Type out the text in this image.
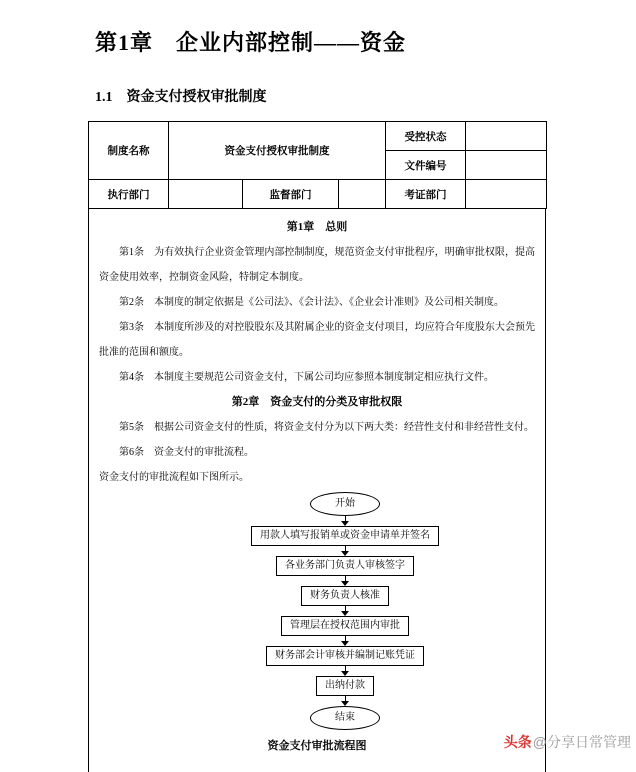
第1章　企业内部控制——资金
1.1　资金支付授权审批制度
制度名称	资金支付授权审批制度			受控状态	
				文件编号	
执行部门		监督部门		考证部门	

第1章　总则

第1条　为有效执行企业资金管理内部控制制度，规范资金支付审批程序，明确审批权限，提高资金使用效率，控制资金风险，特制定本制度。

第2条　本制度的制定依据是《公司法》、《会计法》、《企业会计准则》及公司相关制度。

第3条　本制度所涉及的对控股股东及其附属企业的资金支付项目，均应符合年度股东大会预先批准的范围和额度。

第4条　本制度主要规范公司资金支付，下属公司均应参照本制度制定相应执行文件。

第2章　资金支付的分类及审批权限

第5条　根据公司资金支付的性质，将资金支付分为以下两大类：经营性支付和非经营性支付。

第6条　资金支付的审批流程。

资金支付的审批流程如下图所示。

开始
用款人填写报销单或资金申请单并签名
各业务部门负责人审核签字
财务负责人核准
管理层在授权范围内审批
财务部会计审核并编制记账凭证
出纳付款
结束
资金支付审批流程图	头条@分享日常管理
